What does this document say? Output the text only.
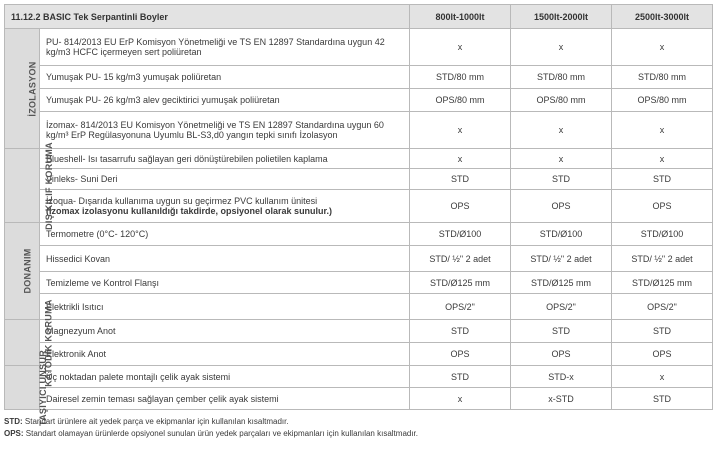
11.12.2 BASIC Tek Serpantinli Boyler		800lt-1000lt	1500lt-2000lt	2500lt-3000lt
İZOLASYON	PU- 814/2013 EU ErP Komisyon Yönetmeliği ve TS EN 12897 Standardına uygun 42 kg/m3 HCFC içermeyen sert poliüretan	x	x	x

	Yumuşak PU- 15 kg/m3 yumuşak poliüretan	STD/80 mm	STD/80 mm	STD/80 mm

	Yumuşak PU- 26 kg/m3 alev geciktirici yumuşak poliüretan	OPS/80 mm	OPS/80 mm	OPS/80 mm

	İzomax- 814/2013 EU Komisyon Yönetmeliği ve TS EN 12897 Standardına uygun 60 kg/m³ ErP Regülasyonuna Uyumlu BL-S3,d0 yangın tepki sınıfı İzolasyon	x	x	x
DIŞ KILIF KORUMA	Blueshell- Isı tasarrufu sağlayan geri dönüştürebilen polietilen kaplama	x	x	x

	Vinleks- Suni Deri	STD	STD	STD

	İzoqua- Dışarıda kullanıma uygun su geçirmez PVC kullanım ünitesi
(İzomax izolasyonu kullanıldığı takdirde, opsiyonel olarak sunulur.)	OPS	OPS	OPS
DONANIM	Termometre (0°C- 120°C)	STD/Ø100	STD/Ø100	STD/Ø100

	Hissedici Kovan	STD/ ½" 2 adet	STD/ ½" 2 adet	STD/ ½" 2 adet

	Temizleme ve Kontrol Flanşı	STD/Ø125 mm	STD/Ø125 mm	STD/Ø125 mm

	Elektrikli Isıtıcı	OPS/2"	OPS/2"	OPS/2"
KATODİK KORUMA	Magnezyum Anot	STD	STD	STD

	Elektronik Anot	OPS	OPS	OPS
TAŞIYICI UNSUR	Üç noktadan palete montajlı çelik ayak sistemi	STD	STD-x	x

	Dairesel zemin teması sağlayan çember çelik ayak sistemi	x	x-STD	STD
STD: Standart ürünlere ait yedek parça ve ekipmanlar için kullanılan kısaltmadır.
OPS: Standart olamayan ürünlerde opsiyonel sunulan ürün yedek parçaları ve ekipmanları için kullanılan kısaltmadır.
